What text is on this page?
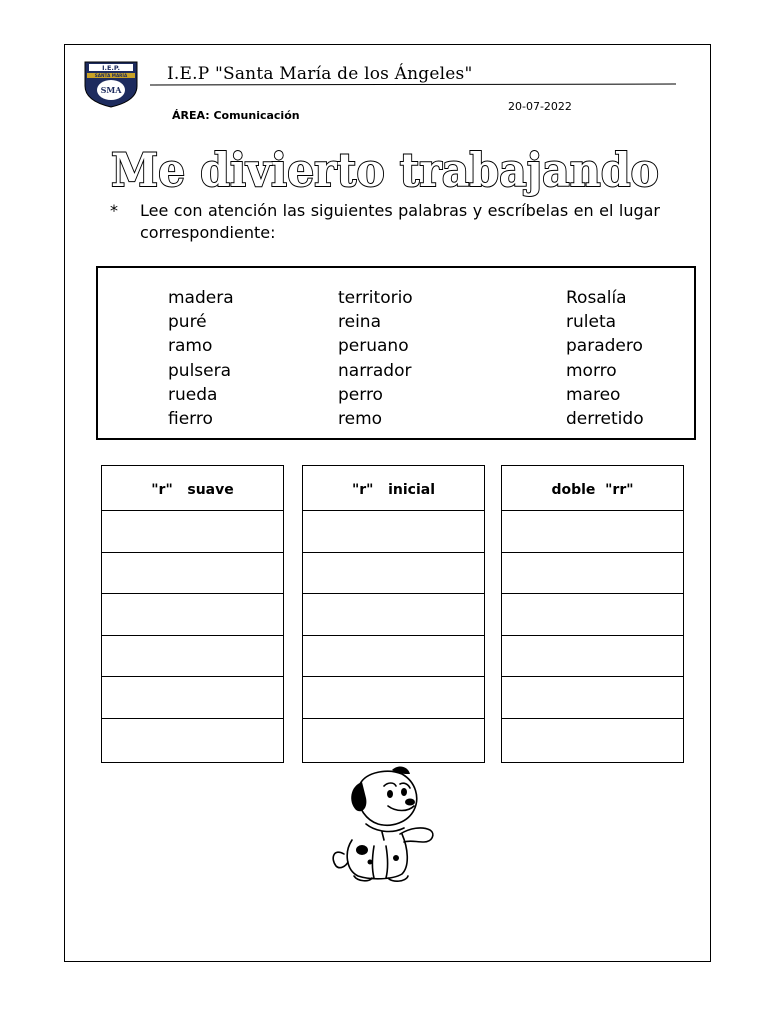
I.E.P.
SANTA MARÍA
SMA
I.E.P "Santa María de los Ángeles"
ÁREA: Comunicación
20-07-2022
Me divierto trabajando
* Lee con atención las siguientes palabras y escríbelas en el lugar correspondiente:
madera
puré
ramo
pulsera
rueda
fierro
territorio
reina
peruano
narrador
perro
remo
Rosalía
ruleta
paradero
morro
mareo
derretido
"r"   suave	"r"   inicial	doble  "rr"
